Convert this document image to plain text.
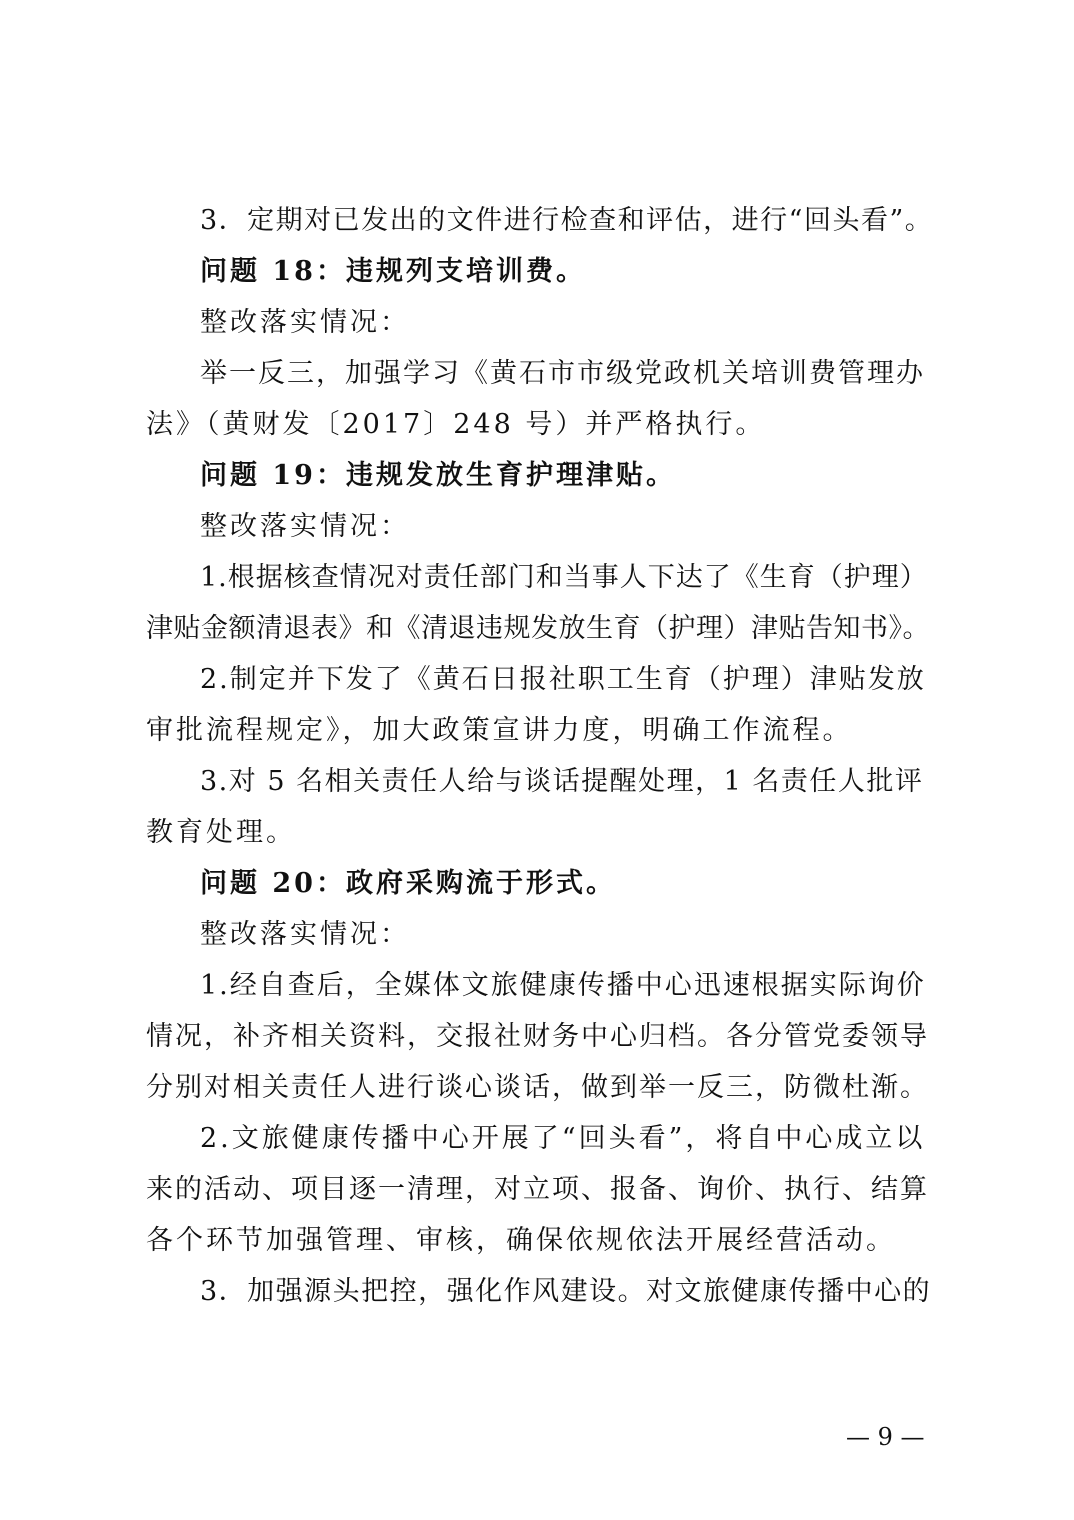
3．定期对已发出的文件进行检查和评估，进行“回头看”。
问题 18：违规列支培训费。
整改落实情况：
举一反三，加强学习《黄石市市级党政机关培训费管理办
法》（黄财发〔2017〕248 号）并严格执行。
问题 19：违规发放生育护理津贴。
整改落实情况：
1.根据核查情况对责任部门和当事人下达了《生育（护理）
津贴金额清退表》和《清退违规发放生育（护理）津贴告知书》。
2.制定并下发了《黄石日报社职工生育（护理）津贴发放
审批流程规定》，加大政策宣讲力度，明确工作流程。
3.对 5 名相关责任人给与谈话提醒处理，1 名责任人批评
教育处理。
问题 20：政府采购流于形式。
整改落实情况：
1.经自查后，全媒体文旅健康传播中心迅速根据实际询价
情况，补齐相关资料，交报社财务中心归档。各分管党委领导
分别对相关责任人进行谈心谈话，做到举一反三，防微杜渐。
2.文旅健康传播中心开展了“回头看”，将自中心成立以
来的活动、项目逐一清理，对立项、报备、询价、执行、结算
各个环节加强管理、审核，确保依规依法开展经营活动。
3．加强源头把控，强化作风建设。对文旅健康传播中心的
— 9 —
